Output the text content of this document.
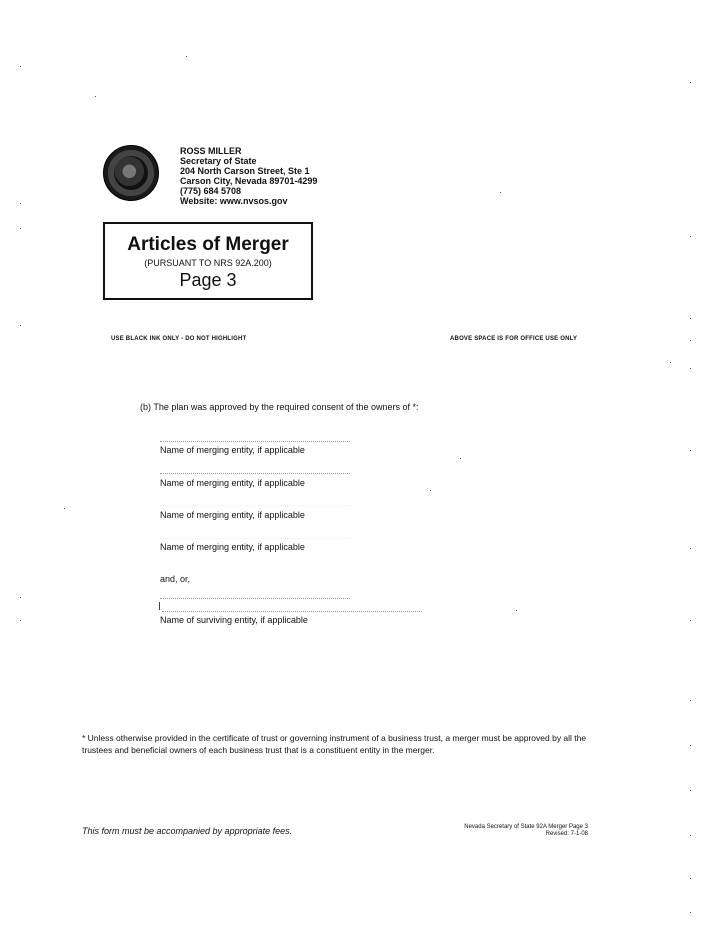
ROSS MILLER
Secretary of State
204 North Carson Street, Ste 1
Carson City, Nevada 89701-4299
(775) 684 5708
Website: www.nvsos.gov
Articles of Merger
(PURSUANT TO NRS 92A.200)
Page 3
USE BLACK INK ONLY - DO NOT HIGHLIGHT	ABOVE SPACE IS FOR OFFICE USE ONLY
(b) The plan was approved by the required consent of the owners of *:
Name of merging entity, if applicable
Name of merging entity, if applicable
Name of merging entity, if applicable
Name of merging entity, if applicable
and, or,
Name of surviving entity, if applicable
* Unless otherwise provided in the certificate of trust or governing instrument of a business trust, a merger must be approved by all the trustees and beneficial owners of each business trust that is a constituent entity in the merger.
This form must be accompanied by appropriate fees.	Nevada Secretary of State 92A Merger Page 3
Revised: 7-1-08
